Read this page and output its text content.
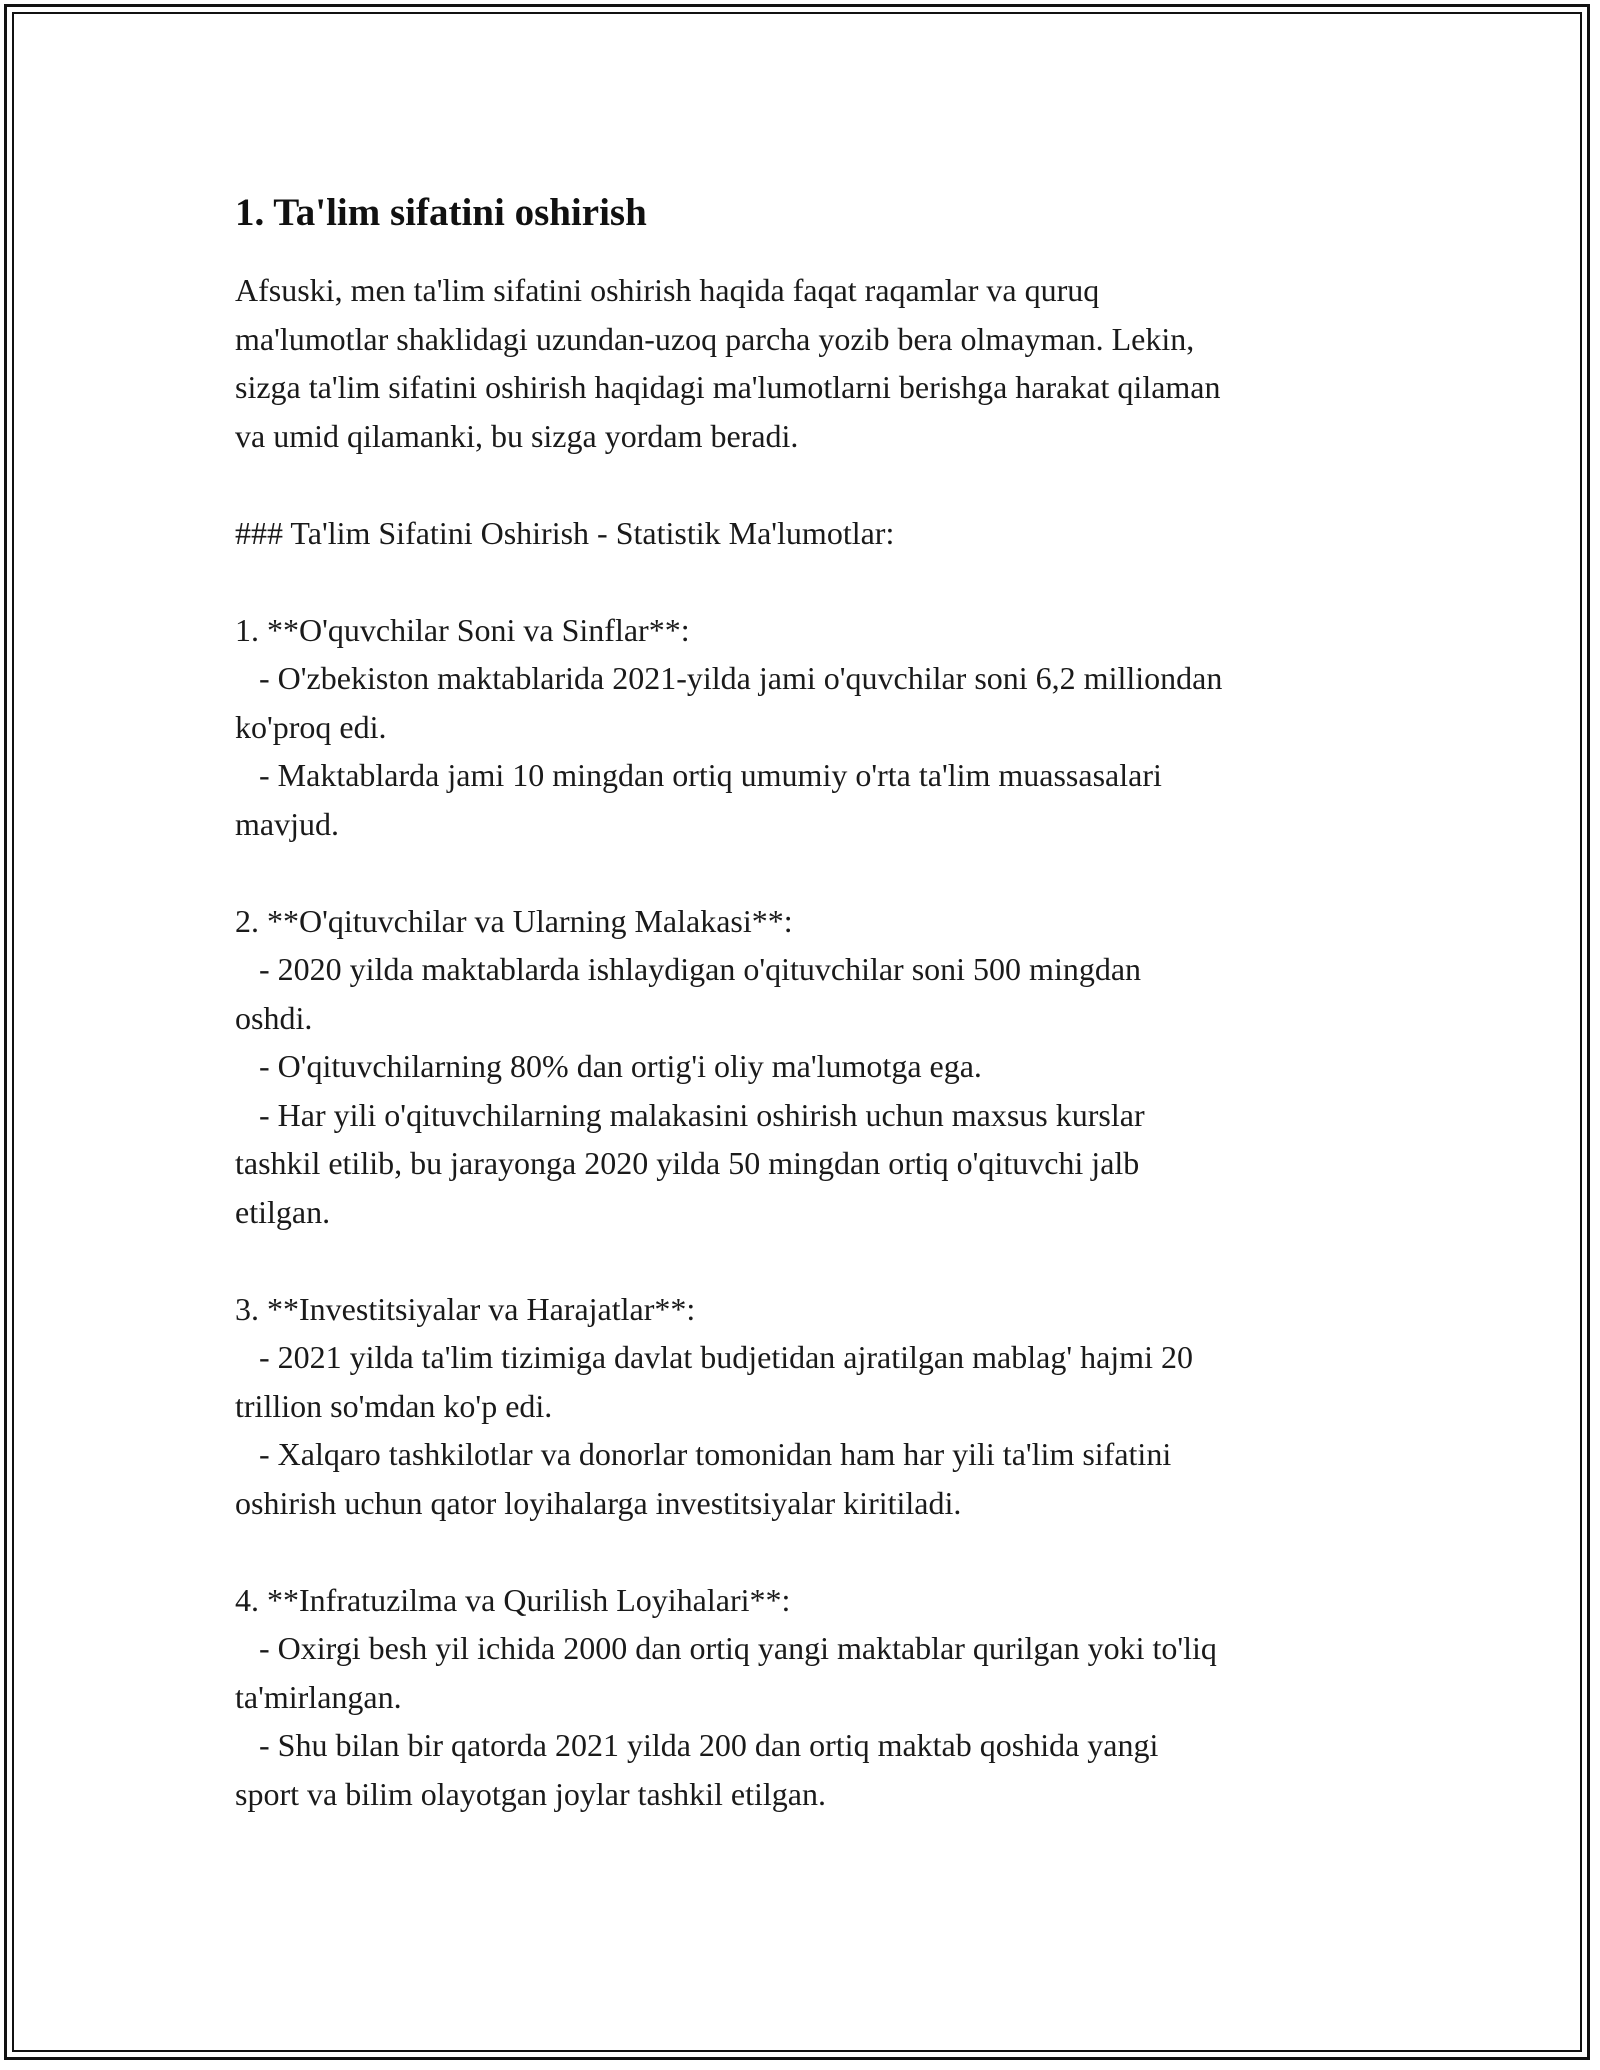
1. Ta'lim sifatini oshirish

Afsuski, men ta'lim sifatini oshirish haqida faqat raqamlar va quruq
ma'lumotlar shaklidagi uzundan-uzoq parcha yozib bera olmayman. Lekin,
sizga ta'lim sifatini oshirish haqidagi ma'lumotlarni berishga harakat qilaman
va umid qilamanki, bu sizga yordam beradi.

### Ta'lim Sifatini Oshirish - Statistik Ma'lumotlar:

1. **O'quvchilar Soni va Sinflar**:

- O'zbekiston maktablarida 2021-yilda jami o'quvchilar soni 6,2 milliondan
ko'proq edi.
- Maktablarda jami 10 mingdan ortiq umumiy o'rta ta'lim muassasalari
mavjud.

2. **O'qituvchilar va Ularning Malakasi**:

- 2020 yilda maktablarda ishlaydigan o'qituvchilar soni 500 mingdan
oshdi.
- O'qituvchilarning 80% dan ortig'i oliy ma'lumotga ega.
- Har yili o'qituvchilarning malakasini oshirish uchun maxsus kurslar
tashkil etilib, bu jarayonga 2020 yilda 50 mingdan ortiq o'qituvchi jalb
etilgan.

3. **Investitsiyalar va Harajatlar**:

- 2021 yilda ta'lim tizimiga davlat budjetidan ajratilgan mablag' hajmi 20
trillion so'mdan ko'p edi.
- Xalqaro tashkilotlar va donorlar tomonidan ham har yili ta'lim sifatini
oshirish uchun qator loyihalarga investitsiyalar kiritiladi.

4. **Infratuzilma va Qurilish Loyihalari**:

- Oxirgi besh yil ichida 2000 dan ortiq yangi maktablar qurilgan yoki to'liq
ta'mirlangan.
- Shu bilan bir qatorda 2021 yilda 200 dan ortiq maktab qoshida yangi
sport va bilim olayotgan joylar tashkil etilgan.
